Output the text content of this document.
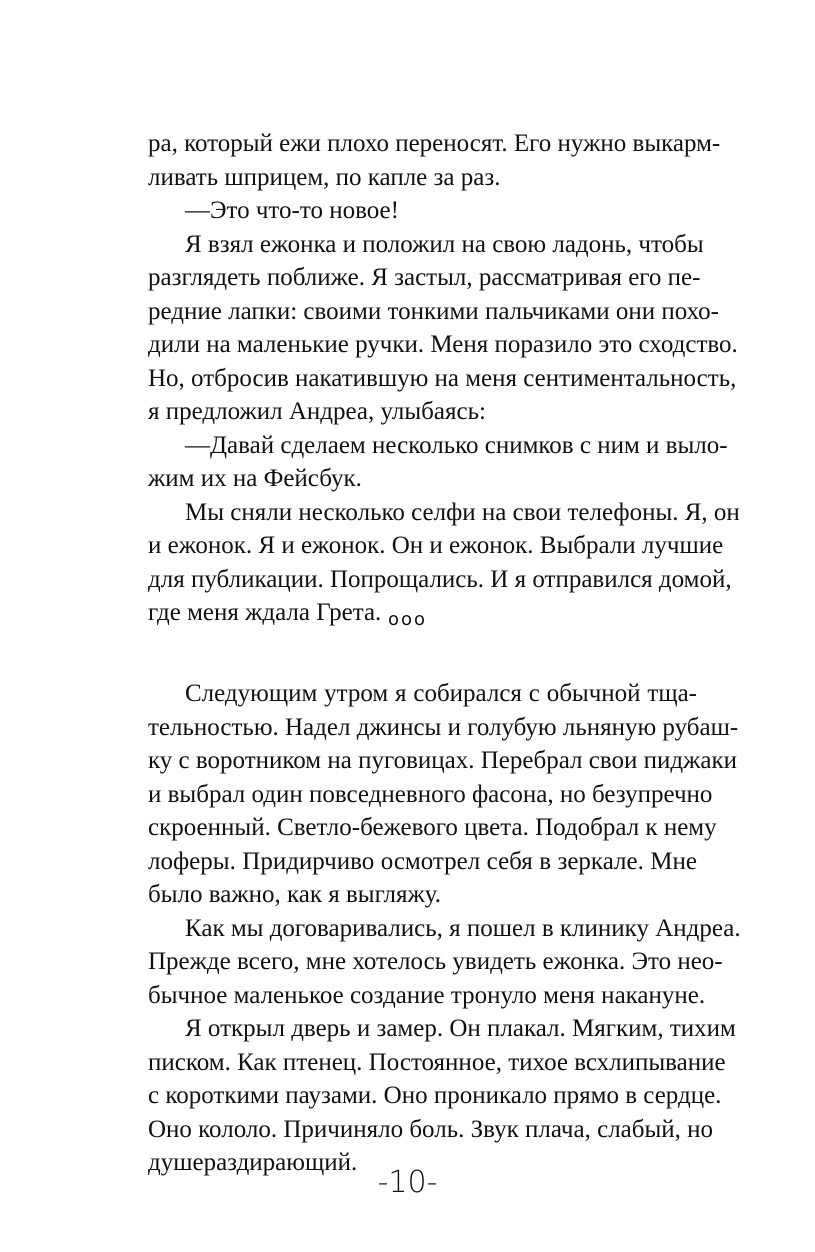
ра, который ежи плохо переносят. Его нужно выкарм-
ливать шприцем, по капле за раз.
—Это что-то новое!
Я взял ежонка и положил на свою ладонь, чтобы
разглядеть поближе. Я застыл, рассматривая его пе-
редние лапки: своими тонкими пальчиками они похо-
дили на маленькие ручки. Меня поразило это сходство.
Но, отбросив накатившую на меня сентиментальность,
я предложил Андреа, улыбаясь:
—Давай сделаем несколько снимков с ним и выло-
жим их на Фейсбук.
Мы сняли несколько селфи на свои телефоны. Я, он
и ежонок. Я и ежонок. Он и ежонок. Выбрали лучшие
для публикации. Попрощались. И я отправился домой,
где меня ждала Грета. ооо
Следующим утром я собирался с обычной тща-
тельностью. Надел джинсы и голубую льняную рубаш-
ку с воротником на пуговицах. Перебрал свои пиджаки
и выбрал один повседневного фасона, но безупречно
скроенный. Светло-бежевого цвета. Подобрал к нему
лоферы. Придирчиво осмотрел себя в зеркале. Мне
было важно, как я выгляжу.
Как мы договаривались, я пошел в клинику Андреа.
Прежде всего, мне хотелось увидеть ежонка. Это нео-
бычное маленькое создание тронуло меня накануне.
Я открыл дверь и замер. Он плакал. Мягким, тихим
писком. Как птенец. Постоянное, тихое всхлипывание
с короткими паузами. Оно проникало прямо в сердце.
Оно кололо. Причиняло боль. Звук плача, слабый, но
душераздирающий.
-10-
